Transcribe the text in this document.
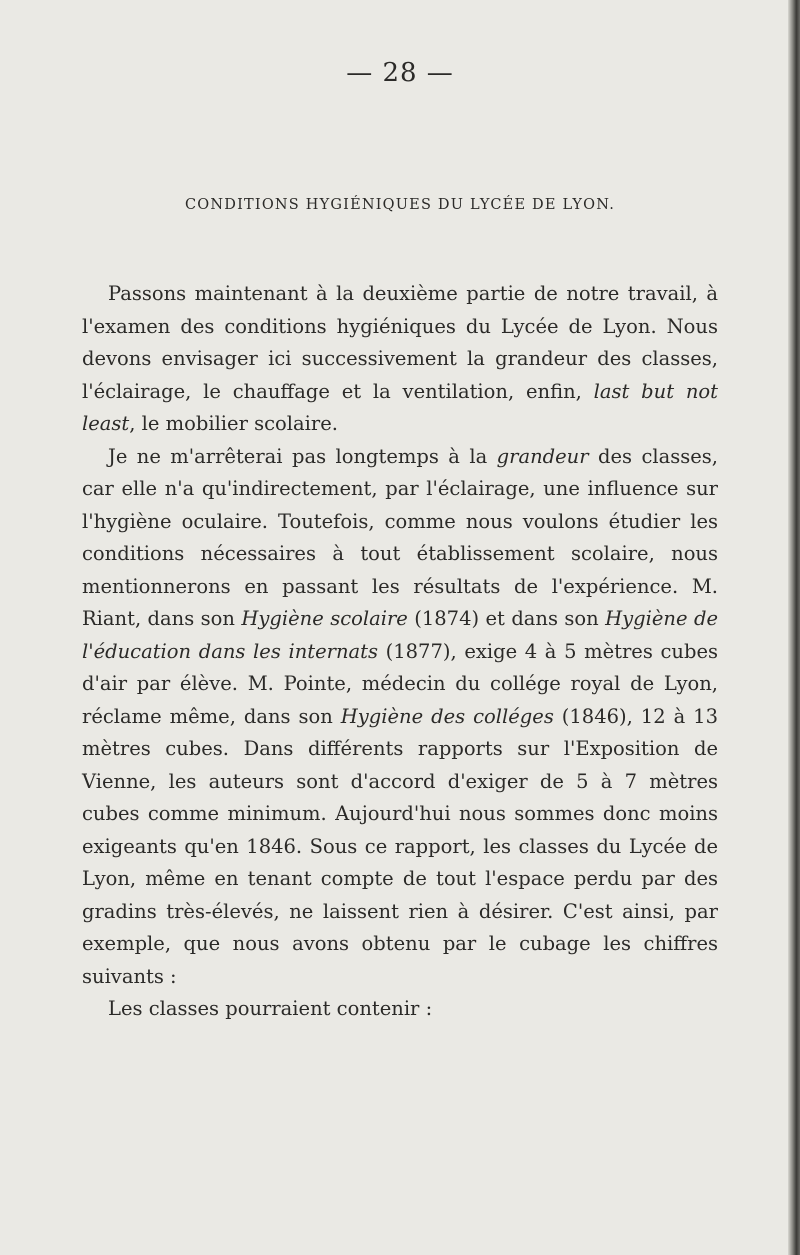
— 28 —
CONDITIONS HYGIÉNIQUES DU LYCÉE DE LYON.

Passons maintenant à la deuxième partie de notre travail, à l'examen des conditions hygiéniques du Lycée de Lyon. Nous devons envisager ici successivement la grandeur des classes, l'éclairage, le chauffage et la ventilation, enfin, last but not least, le mobilier scolaire.

Je ne m'arrêterai pas longtemps à la grandeur des classes, car elle n'a qu'indirectement, par l'éclairage, une influence sur l'hygiène oculaire. Toutefois, comme nous voulons étudier les conditions nécessaires à tout établissement scolaire, nous mentionnerons en passant les résultats de l'expérience. M. Riant, dans son Hygiène scolaire (1874) et dans son Hygiène de l'éducation dans les internats (1877), exige 4 à 5 mètres cubes d'air par élève. M. Pointe, médecin du collége royal de Lyon, réclame même, dans son Hygiène des colléges (1846), 12 à 13 mètres cubes. Dans différents rapports sur l'Exposition de Vienne, les auteurs sont d'accord d'exiger de 5 à 7 mètres cubes comme minimum. Aujourd'hui nous sommes donc moins exigeants qu'en 1846. Sous ce rapport, les classes du Lycée de Lyon, même en tenant compte de tout l'espace perdu par des gradins très-élevés, ne laissent rien à désirer. C'est ainsi, par exemple, que nous avons obtenu par le cubage les chiffres suivants :

Les classes pourraient contenir :
